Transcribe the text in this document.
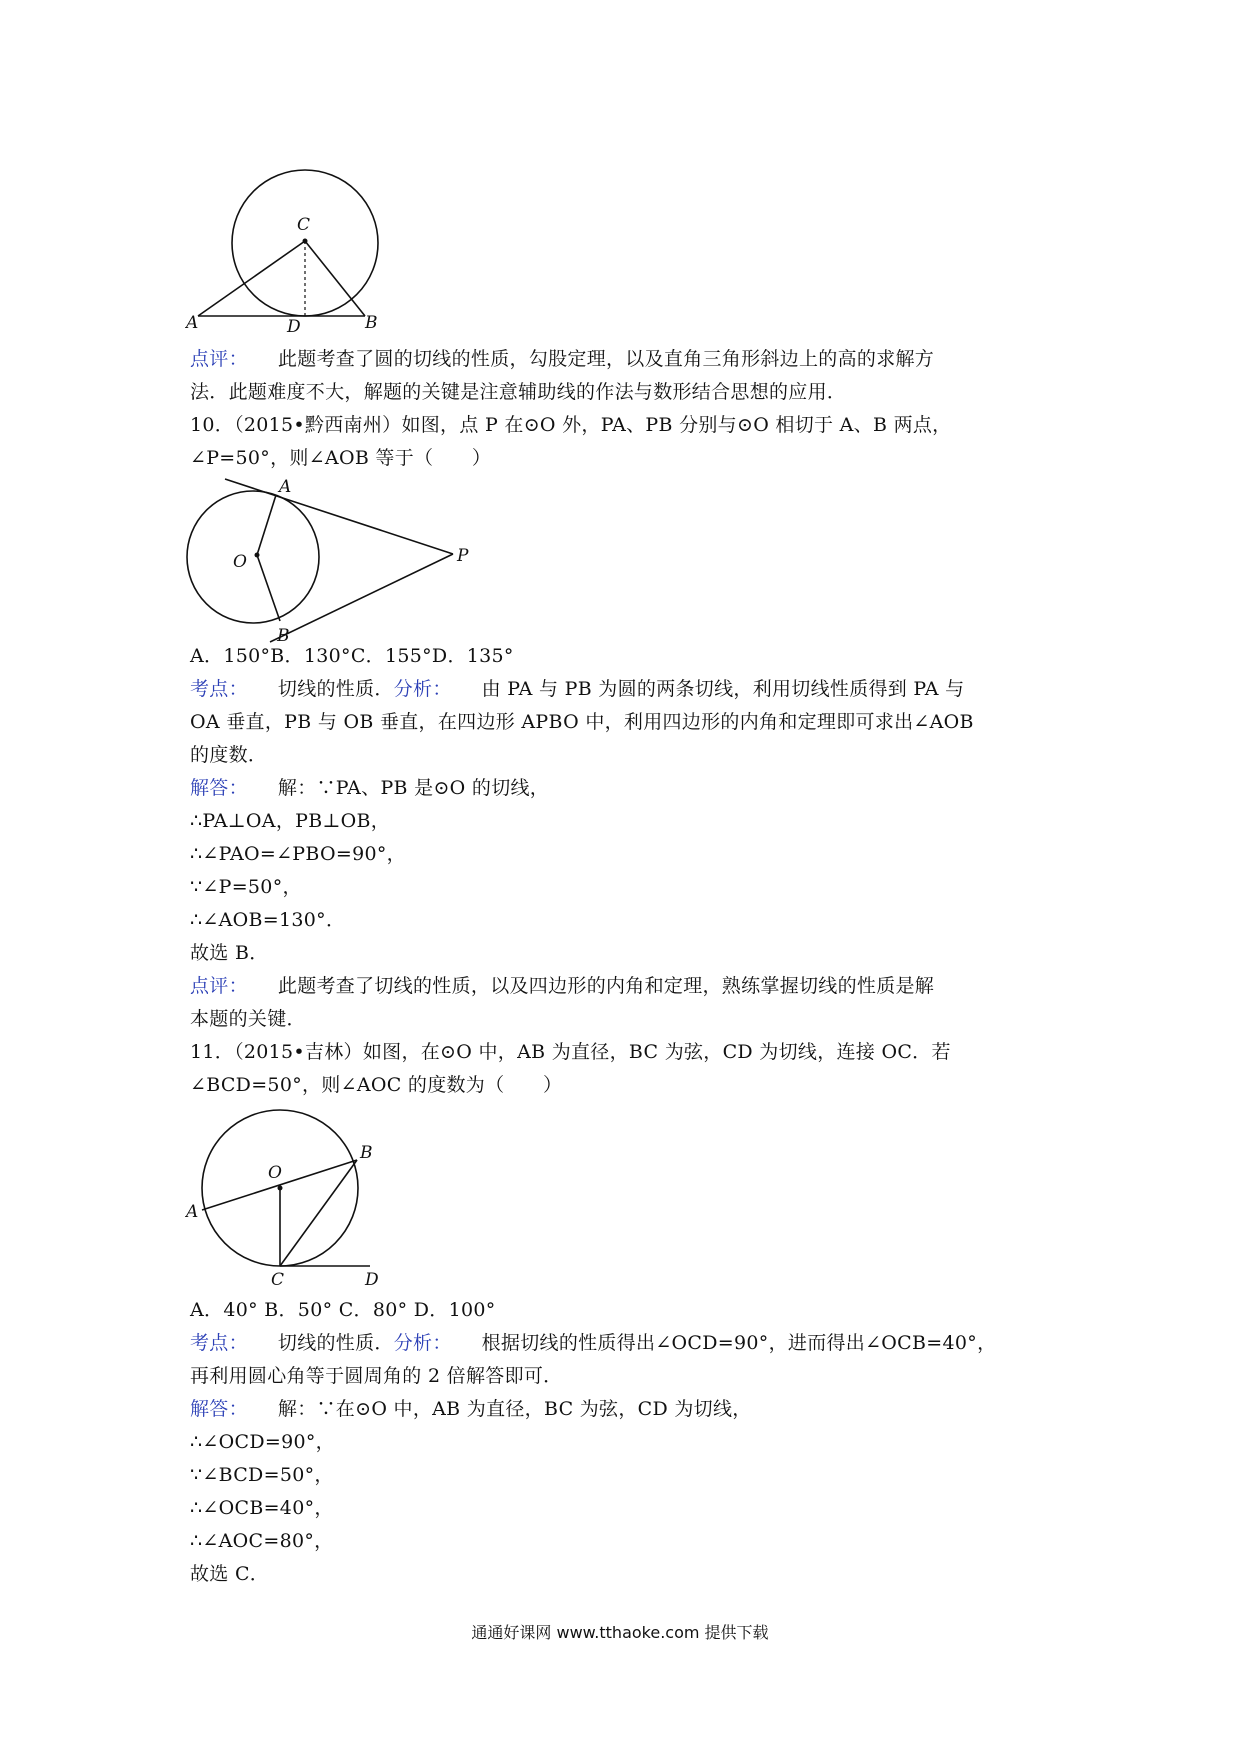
C
A	D	B
点评： 此题考查了圆的切线的性质，勾股定理，以及直角三角形斜边上的高的求解方
法．此题难度不大，解题的关键是注意辅助线的作法与数形结合思想的应用．
10．（2015•黔西南州）如图，点 P 在⊙O 外，PA、PB 分别与⊙O 相切于 A、B 两点，
∠P=50°，则∠AOB 等于（　　）
A
O	P
B
A．150°B．130°C．155°D．135°
考点： 切线的性质．分析： 由 PA 与 PB 为圆的两条切线，利用切线性质得到 PA 与
OA 垂直，PB 与 OB 垂直，在四边形 APBO 中，利用四边形的内角和定理即可求出∠AOB
的度数．
解答： 解：∵PA、PB 是⊙O 的切线，
∴PA⊥OA，PB⊥OB，
∴∠PAO=∠PBO=90°，
∵∠P=50°，
∴∠AOB=130°．
故选 B．
点评： 此题考查了切线的性质，以及四边形的内角和定理，熟练掌握切线的性质是解
本题的关键．
11．（2015•吉林）如图，在⊙O 中，AB 为直径，BC 为弦，CD 为切线，连接 OC．若
∠BCD=50°，则∠AOC 的度数为（　　）
O
B
A
C	D
A．40° B．50° C．80° D．100°
考点： 切线的性质．分析： 根据切线的性质得出∠OCD=90°，进而得出∠OCB=40°，
再利用圆心角等于圆周角的 2 倍解答即可．
解答： 解：∵在⊙O 中，AB 为直径，BC 为弦，CD 为切线，
∴∠OCD=90°，
∵∠BCD=50°，
∴∠OCB=40°，
∴∠AOC=80°，
故选 C．
通通好课网 www.tthaoke.com 提供下载
